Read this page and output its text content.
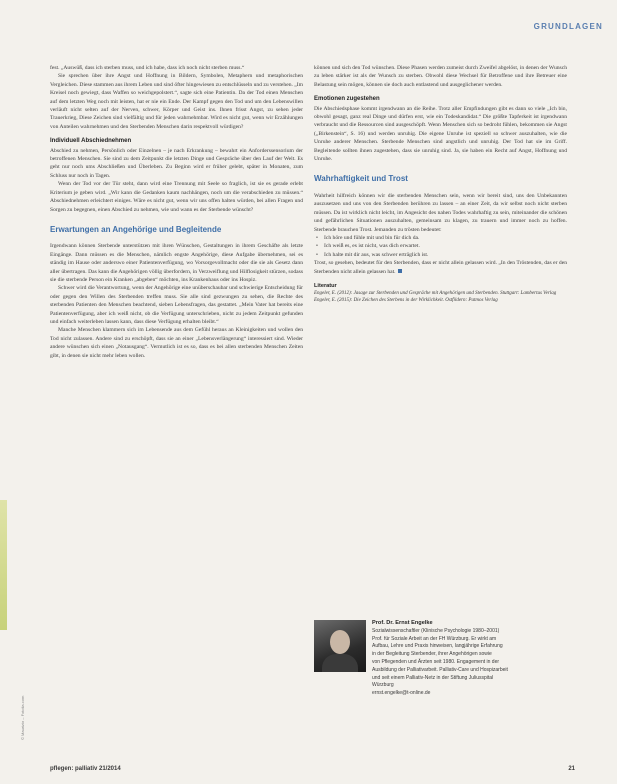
GRUNDLAGEN

fest. „Auswüß, dass ich sterben muss, und ich habe, dass ich noch nicht sterben muss.“

Sie sprechen über ihre Angst und Hoffnung in Bildern, Symbolen, Metaphern und metaphorischen Vergleichen. Diese stammen aus ihrem Leben und sind öfter hingewiesen zu entschlüsseln und zu verstehen. „Im Kreisel noch gewiegt, dass Waffen so weichgepolstert.“, sagte sich eine Patientin. Da der Tod einen Menschen auf dem letzten Weg noch mit leisten, hat er nie ein Ende. Der Kampf gegen den Tod und um den Lebenswillen verläuft nicht selten auf der Nerven, schwer, Körper und Geist ins. Ihnen frisst Angst, zu sehen jeder Trauerkrieg, Diese Zeichen sind vielfältig und für jeden wahrnehmbar. Wird es nicht gut, wenn wir Erzählungen von Anteilen wahrnehmen und den Sterbenden Menschen darin respektvoll würdigen?

Individuell Abschiednehmen

Abschied zu nehmen, Persönlich oder Einzelnen – je nach Erkrankung – bewahrt ein Anforderssensorium der betroffenen Menschen. Sie sind zu dem Zeitpunkt die letzten Dinge und Gespräche über den Lauf der Welt. Es geht nur noch ums Abschließen und Überleben. Zu Beginn wird er früher gelebt, später in Monaten, zum Schluss nur noch in Tagen.

Wenn der Tod vor der Tür steht, dann wird eine Trennung mit Seele so fraglich, ist sie es gerade erlebt Kriterium je geben wird. „Wir kann die Gedanken kaum nachhängen, noch um die verabschieden zu müssen.“ Abschiednehmen erleichtert einiges. Wäre es nicht gut, wenn wir uns offen halten würden, bei allen Fragen und Sorgen zu begegnen, einen Abschied zu nehmen, wie und wann es der Sterbende wünscht?

Erwartungen an Angehörige und Begleitende

Irgendwann können Sterbende unterstützen mit ihren Wünschen, Gestaltungen in ihrem Geschäfte als letzte Eingänge. Dann müssen es die Menschen, nämlich engste Angehörige, diese Aufgabe übernehmen, sei es ständig im Hause oder anderswo einer Patientenverfügung, wo Vorsorgevollmacht oder die sie als Gesetz dann aller übertragen. Das kann die Angehörigen völlig überfordern, in Verzweiflung und Hilflosigkeit stürzen, sodass sie die sterbende Person ein Kranken „abgeben“ möchten, ins Krankenhaus oder ins Hospiz.

Schwer wird die Verantwortung, wenn der Angehörige eine unüberschaubar und schwierige Entscheidung für oder gegen den Willen des Sterbenden treffen muss. Sie alle sind gezwungen zu sehen, die Rechte des sterbenden Patienten den Menschen beachtend, sieben Lebensfragen, das gestattet. „Mein Vater hat bereits eine Patientenverfügung, aber ich weiß nicht, ob die Verfügung unterschrieben, nicht zu jedem Zeitpunkt gefunden und einfach weiterleben lassen kann, dass diese Verfügung erhalten bleibt.“

Manche Menschen klammern sich im Lebensende aus dem Gefühl heraus an Kleinigkeiten und wollen den Tod nicht zulassen. Andere sind zu erschöpft, dass sie an einer „Lebensverlängerung“ interessiert sind. Wieder andere wünschen sich einen „Notausgang“. Vermutlich ist es so, dass es bei allen sterbenden Menschen Zeiten gibt, in denen sie nicht mehr leben wollen.

können und sich den Tod wünschen. Diese Phasen werden zumeist durch Zweifel abgelöst, in denen der Wunsch zu leben stärker ist als der Wunsch zu sterben. Obwohl diese Wechsel für Betroffene und ihre Betreuer eine Belastung sein mögen, können sie doch auch entlastend und ausgeglichener werden.

Emotionen zugestehen

Die Abschiedsphase kommt irgendwann an die Reihe. Trotz aller Empfindungen gibt es dann so viele „Ich bin, obwohl gesagt, ganz real Dinge und dürfen erst, wie ein Todeskandidat.“ Die größte Tapferkeit ist irgendwann verbraucht und die Ressourcen sind ausgeschöpft. Wenn Menschen sich so bedroht fühlen, bekommen sie Angst („Birkenstein“, S. 16) und werden unruhig. Die eigene Unruhe ist speziell so schwer auszuhalten, wie die Unruhe anderer Menschen. Sterbende Menschen sind angstlich und unruhig. Der Tod hat sie im Griff. Begleitende sollten ihnen zugestehen, dass sie unruhig sind. Ja, sie haben ein Recht auf Angst, Hoffnung und Unruhe.

Wahrhaftigkeit und Trost

Wahrheit hilfreich können wir die sterbenden Menschen sein, wenn wir bereit sind, uns den Unbekannten auszusetzen und uns von den Sterbenden berühren zu lassen – an einer Zeit, da wir selbst noch nicht sterben müssen. Da ist wirklich nicht leicht, im Angesicht des nahen Todes wahrhaftig zu sein, miteinander die schönen und gefährlichen Situationen auszuhalten, gemeinsam zu klagen, zu trauern und immer noch zu hoffen. Sterbende brauchen Trost. Jemanden zu trösten bedeutet:

• Ich höre und fühle mit und bin für dich da.
• Ich weiß es, es ist nicht, was dich erwartet.
• Ich halte mit dir aus, was schwer erträglich ist.

Trost, so gesehen, bedeutet für den Sterbenden, dass er nicht allein gelassen wird. „In den Tröstenden, das er den Sterbenden nicht allein gelassen hat.

Literatur
Engeler, E. (2012): Jasage zur Sterbenden und Gespräche mit Angehörigen und Sterbenden. Stuttgart: Lambertus Verlag
Engeler, E. (2015): Die Zeichen des Sterbens in der Wirklichkeit. Ostfildern: Patmos Verlag
Prof. Dr. Ernst Engelke
Sozialwissenschaftler (Klinische Psychologie 1980–2001)
Prof. für Soziale Arbeit an der FH Würzburg. Er wirkt am
Aufbau, Lehre und Praxis hinweisen, langjährige Erfahrung
in der Begleitung Sterbender, ihrer Angehörigen sowie
von Pflegenden und Ärzten seit 1980. Engagement in der
Ausbildung der Palliativarbeit. Palliativ-Care und Hospizarbeit
und seit einem Palliativ-Netz in der Stiftung Juliusspital
Würzburg
ernst.engelke@t-online.de
© Maurizio – Fotolia.com
pflegen: palliativ 21/2014	21
